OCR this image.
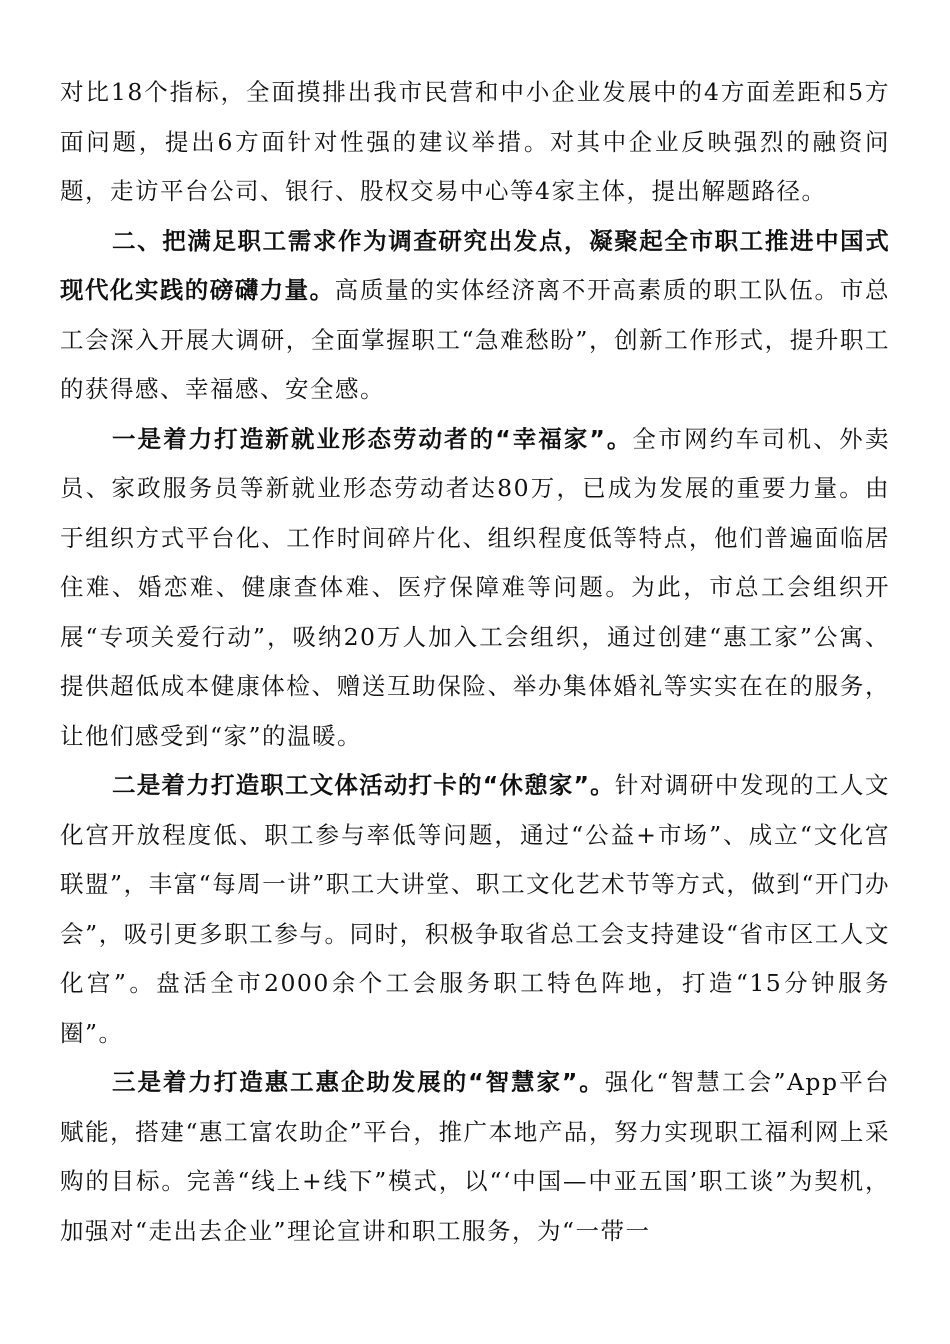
对比18个指标，全面摸排出我市民营和中小企业发展中的4方面差距和5方面问题，提出6方面针对性强的建议举措。对其中企业反映强烈的融资问题，走访平台公司、银行、股权交易中心等4家主体，提出解题路径。

二、把满足职工需求作为调查研究出发点，凝聚起全市职工推进中国式现代化实践的磅礴力量。高质量的实体经济离不开高素质的职工队伍。市总工会深入开展大调研，全面掌握职工“急难愁盼”，创新工作形式，提升职工的获得感、幸福感、安全感。

一是着力打造新就业形态劳动者的“幸福家”。全市网约车司机、外卖员、家政服务员等新就业形态劳动者达80万，已成为发展的重要力量。由于组织方式平台化、工作时间碎片化、组织程度低等特点，他们普遍面临居住难、婚恋难、健康查体难、医疗保障难等问题。为此，市总工会组织开展“专项关爱行动”，吸纳20万人加入工会组织，通过创建“惠工家”公寓、提供超低成本健康体检、赠送互助保险、举办集体婚礼等实实在在的服务，让他们感受到“家”的温暖。

二是着力打造职工文体活动打卡的“休憩家”。针对调研中发现的工人文化宫开放程度低、职工参与率低等问题，通过“公益+市场”、成立“文化宫联盟”，丰富“每周一讲”职工大讲堂、职工文化艺术节等方式，做到“开门办会”，吸引更多职工参与。同时，积极争取省总工会支持建设“省市区工人文化宫”。盘活全市2000余个工会服务职工特色阵地，打造“15分钟服务圈”。

三是着力打造惠工惠企助发展的“智慧家”。强化“智慧工会”App平台赋能，搭建“惠工富农助企”平台，推广本地产品，努力实现职工福利网上采购的目标。完善“线上+线下”模式，以“‘中国—中亚五国’职工谈”为契机，加强对“走出去企业”理论宣讲和职工服务，为“一带一
